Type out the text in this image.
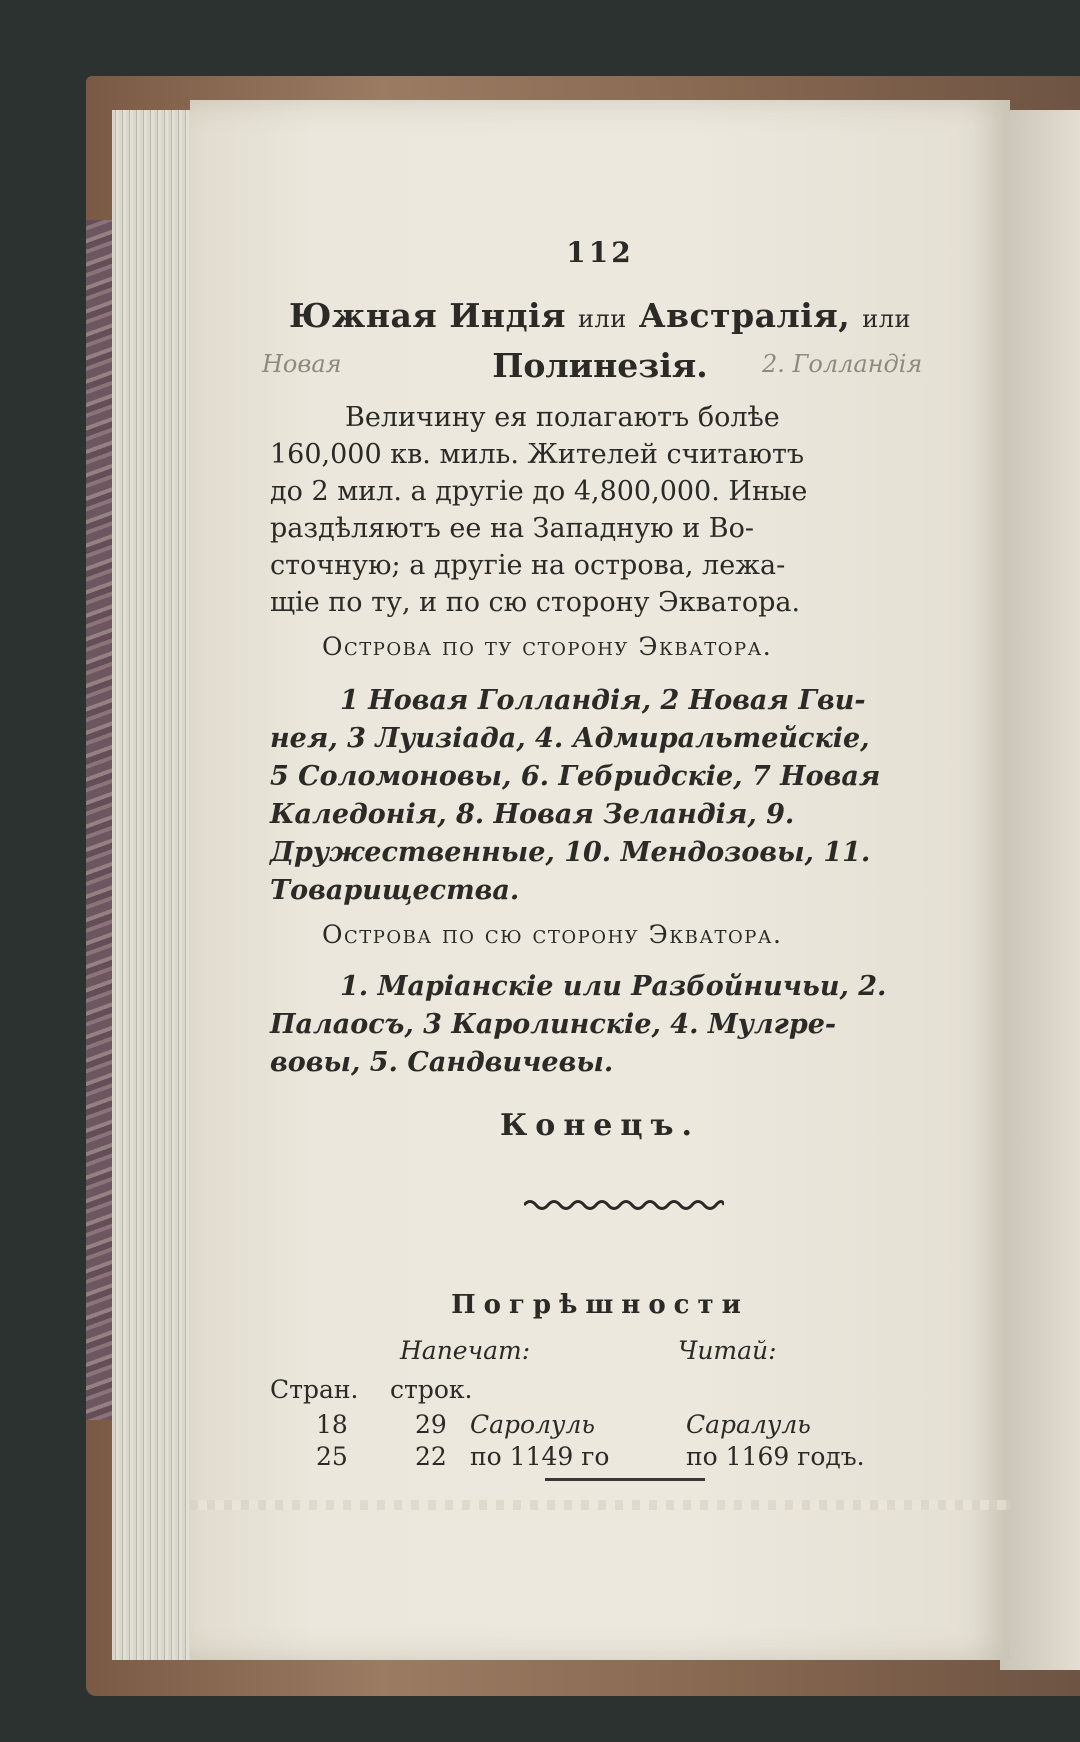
112
Южная Индія или Австралія, или
Новая	Полинезія.	2. Голландія
Величину ея полагаютъ болѣе
160,000 кв. миль. Жителей считаютъ
до 2 мил. а другіе до 4,800,000. Иные
раздѣляютъ ее на Западную и Во-
сточную; а другіе на острова, лежа-
щіе по ту, и по сю сторону Экватора.
Острова по ту сторону Экватора.
1 Новая Голландія, 2 Новая Гви-
нея, 3 Луизіада, 4. Адмиральтейскіе,
5 Соломоновы, 6. Гебридскіе, 7 Новая
Каледонія, 8. Новая Зеландія, 9.
Дружественные, 10. Мендозовы, 11.
Товарищества.
Острова по сю сторону Экватора.
1. Маріанскіе или Разбойничьи, 2.
Палаосъ, 3 Каролинскіе, 4. Мулгре-
вовы, 5. Сандвичевы.
Конецъ.
Погрѣшности
Напечат:	Читай:
Стран. строк.
18	29 Саролуль	Саралуль
25	22 по 1149 го	по 1169 годъ.
